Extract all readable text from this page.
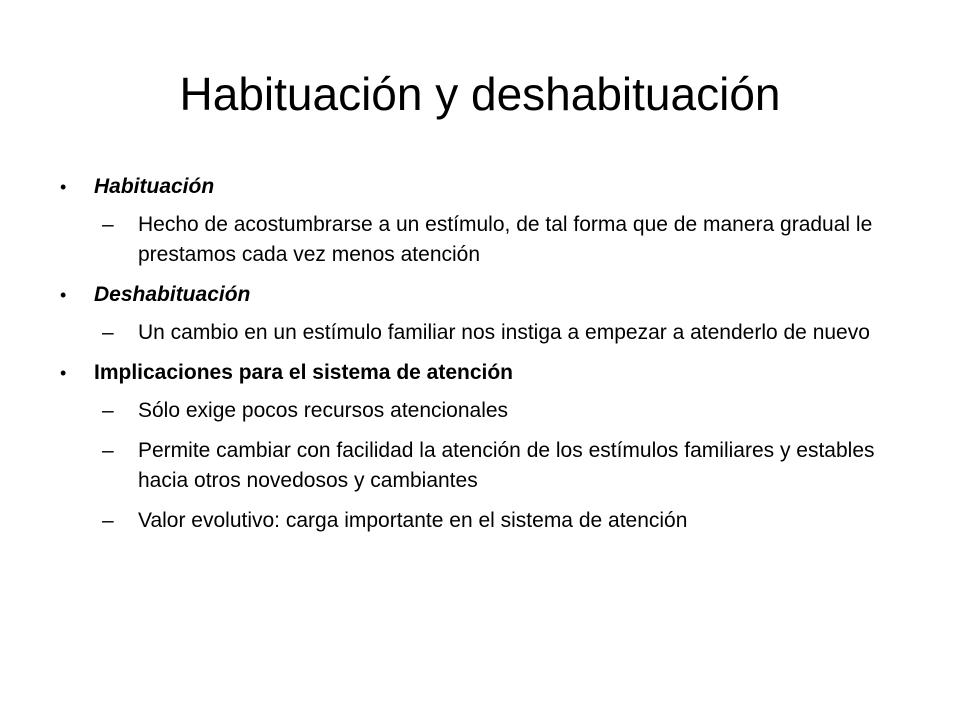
Habituación y deshabituación
• Habituación
– Hecho de acostumbrarse a un estímulo, de tal forma que de manera gradual le prestamos cada vez menos atención
• Deshabituación
– Un cambio en un estímulo familiar nos instiga a empezar a atenderlo de nuevo
• Implicaciones para el sistema de atención
– Sólo exige pocos recursos atencionales
– Permite cambiar con facilidad la atención de los estímulos familiares y estables hacia otros novedosos y cambiantes
– Valor evolutivo: carga importante en el sistema de atención
